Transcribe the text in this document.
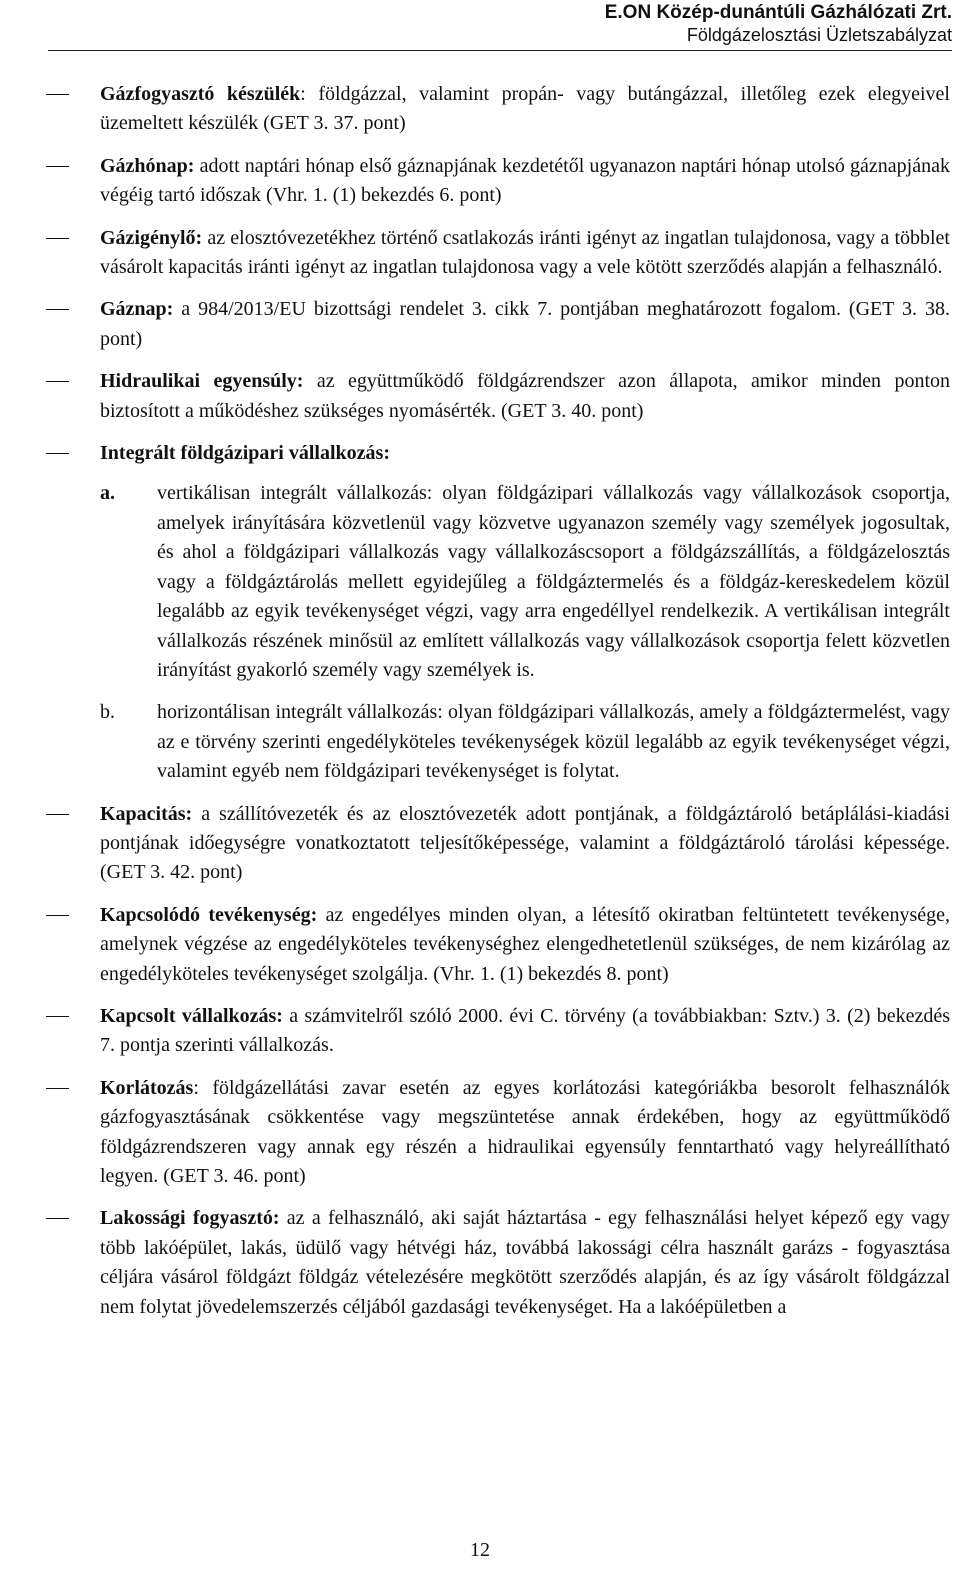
E.ON Közép-dunántúli Gázhálózati Zrt.
Földgázelosztási Üzletszabályzat

Gázfogyasztó készülék: földgázzal, valamint propán- vagy butángázzal, illetőleg ezek elegyeivel üzemeltett készülék (GET 3. 37. pont)

Gázhónap: adott naptári hónap első gáznapjának kezdetétől ugyanazon naptári hónap utolsó gáznapjának végéig tartó időszak (Vhr. 1. (1) bekezdés 6. pont)

Gázigénylő: az elosztóvezetékhez történő csatlakozás iránti igényt az ingatlan tulajdonosa, vagy a többlet vásárolt kapacitás iránti igényt az ingatlan tulajdonosa vagy a vele kötött szerződés alapján a felhasználó.

Gáznap: a 984/2013/EU bizottsági rendelet 3. cikk 7. pontjában meghatározott fogalom. (GET 3. 38. pont)

Hidraulikai egyensúly: az együttműködő földgázrendszer azon állapota, amikor minden ponton biztosított a működéshez szükséges nyomásérték. (GET 3. 40. pont)

Integrált földgázipari vállalkozás:

a. vertikálisan integrált vállalkozás: olyan földgázipari vállalkozás vagy vállalkozások csoportja, amelyek irányítására közvetlenül vagy közvetve ugyanazon személy vagy személyek jogosultak, és ahol a földgázipari vállalkozás vagy vállalkozáscsoport a földgázszállítás, a földgázelosztás vagy a földgáztárolás mellett egyidejűleg a földgáztermelés és a földgáz-kereskedelem közül legalább az egyik tevékenységet végzi, vagy arra engedéllyel rendelkezik. A vertikálisan integrált vállalkozás részének minősül az említett vállalkozás vagy vállalkozások csoportja felett közvetlen irányítást gyakorló személy vagy személyek is.

b. horizontálisan integrált vállalkozás: olyan földgázipari vállalkozás, amely a földgáztermelést, vagy az e törvény szerinti engedélyköteles tevékenységek közül legalább az egyik tevékenységet végzi, valamint egyéb nem földgázipari tevékenységet is folytat.

Kapacitás: a szállítóvezeték és az elosztóvezeték adott pontjának, a földgáztároló betáplálási-kiadási pontjának időegységre vonatkoztatott teljesítőképessége, valamint a földgáztároló tárolási képessége. (GET 3. 42. pont)

Kapcsolódó tevékenység: az engedélyes minden olyan, a létesítő okiratban feltüntetett tevékenysége, amelynek végzése az engedélyköteles tevékenységhez elengedhetetlenül szükséges, de nem kizárólag az engedélyköteles tevékenységet szolgálja. (Vhr. 1. (1) bekezdés 8. pont)

Kapcsolt vállalkozás: a számvitelről szóló 2000. évi C. törvény (a továbbiakban: Sztv.) 3. (2) bekezdés 7. pontja szerinti vállalkozás.

Korlátozás: földgázellátási zavar esetén az egyes korlátozási kategóriákba besorolt felhasználók gázfogyasztásának csökkentése vagy megszüntetése annak érdekében, hogy az együttműködő földgázrendszeren vagy annak egy részén a hidraulikai egyensúly fenntartható vagy helyreállítható legyen. (GET 3. 46. pont)

Lakossági fogyasztó: az a felhasználó, aki saját háztartása - egy felhasználási helyet képező egy vagy több lakóépület, lakás, üdülő vagy hétvégi ház, továbbá lakossági célra használt garázs - fogyasztása céljára vásárol földgázt földgáz vételezésére megkötött szerződés alapján, és az így vásárolt földgázzal nem folytat jövedelemszerzés céljából gazdasági tevékenységet. Ha a lakóépületben a

12
